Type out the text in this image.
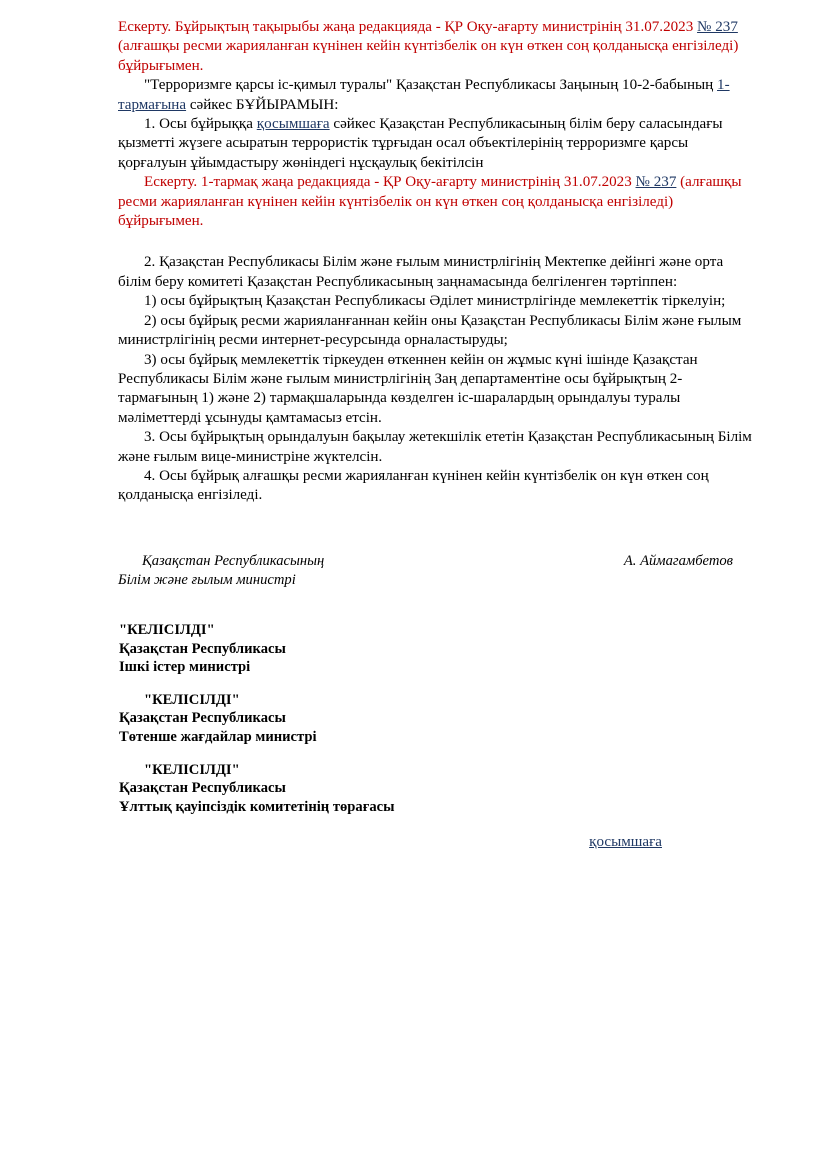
Ескерту. Бұйрықтың тақырыбы жаңа редакцияда - ҚР Оқу-ағарту министрінің 31.07.2023 № 237 (алғашқы ресми жарияланған күнінен кейін күнтізбелік он күн өткен соң қолданысқа енгізіледі) бұйрығымен.

"Терроризмге қарсы іс-қимыл туралы" Қазақстан Республикасы Заңының 10-2-бабының 1-тармағына сәйкес БҰЙЫРАМЫН:

1. Осы бұйрыққа қосымшаға сәйкес Қазақстан Республикасының білім беру саласындағы қызметті жүзеге асыратын террористік тұрғыдан осал объектілерінің терроризмге қарсы қорғалуын ұйымдастыру жөніндегі нұсқаулық бекітілсін

Ескерту. 1-тармақ жаңа редакцияда - ҚР Оқу-ағарту министрінің 31.07.2023 № 237 (алғашқы ресми жарияланған күнінен кейін күнтізбелік он күн өткен соң қолданысқа енгізіледі) бұйрығымен.

2. Қазақстан Республикасы Білім және ғылым министрлігінің Мектепке дейінгі және орта білім беру комитеті Қазақстан Республикасының заңнамасында белгіленген тәртіппен:

1) осы бұйрықтың Қазақстан Республикасы Әділет министрлігінде мемлекеттік тіркелуін;

2) осы бұйрық ресми жарияланғаннан кейін оны Қазақстан Республикасы Білім және ғылым министрлігінің ресми интернет-ресурсында орналастыруды;

3) осы бұйрық мемлекеттік тіркеуден өткеннен кейін он жұмыс күні ішінде Қазақстан Республикасы Білім және ғылым министрлігінің Заң департаментіне осы бұйрықтың 2-тармағының 1) және 2) тармақшаларында көзделген іс-шаралардың орындалуы туралы мәліметтерді ұсынуды қамтамасыз етсін.

3. Осы бұйрықтың орындалуын бақылау жетекшілік ететін Қазақстан Республикасының Білім және ғылым вице-министріне жүктелсін.

4. Осы бұйрық алғашқы ресми жарияланған күнінен кейін күнтізбелік он күн өткен соң қолданысқа енгізіледі.

Қазақстан Республикасының
Білім және ғылым министрі
А. Аймагамбетов
"КЕЛІСІЛДІ"
Қазақстан Республикасы
Ішкі істер министрі
"КЕЛІСІЛДІ"
Қазақстан Республикасы
Төтенше жағдайлар министрі
"КЕЛІСІЛДІ"
Қазақстан Республикасы
Ұлттық қауіпсіздік комитетінің төрағасы
қосымшаға
